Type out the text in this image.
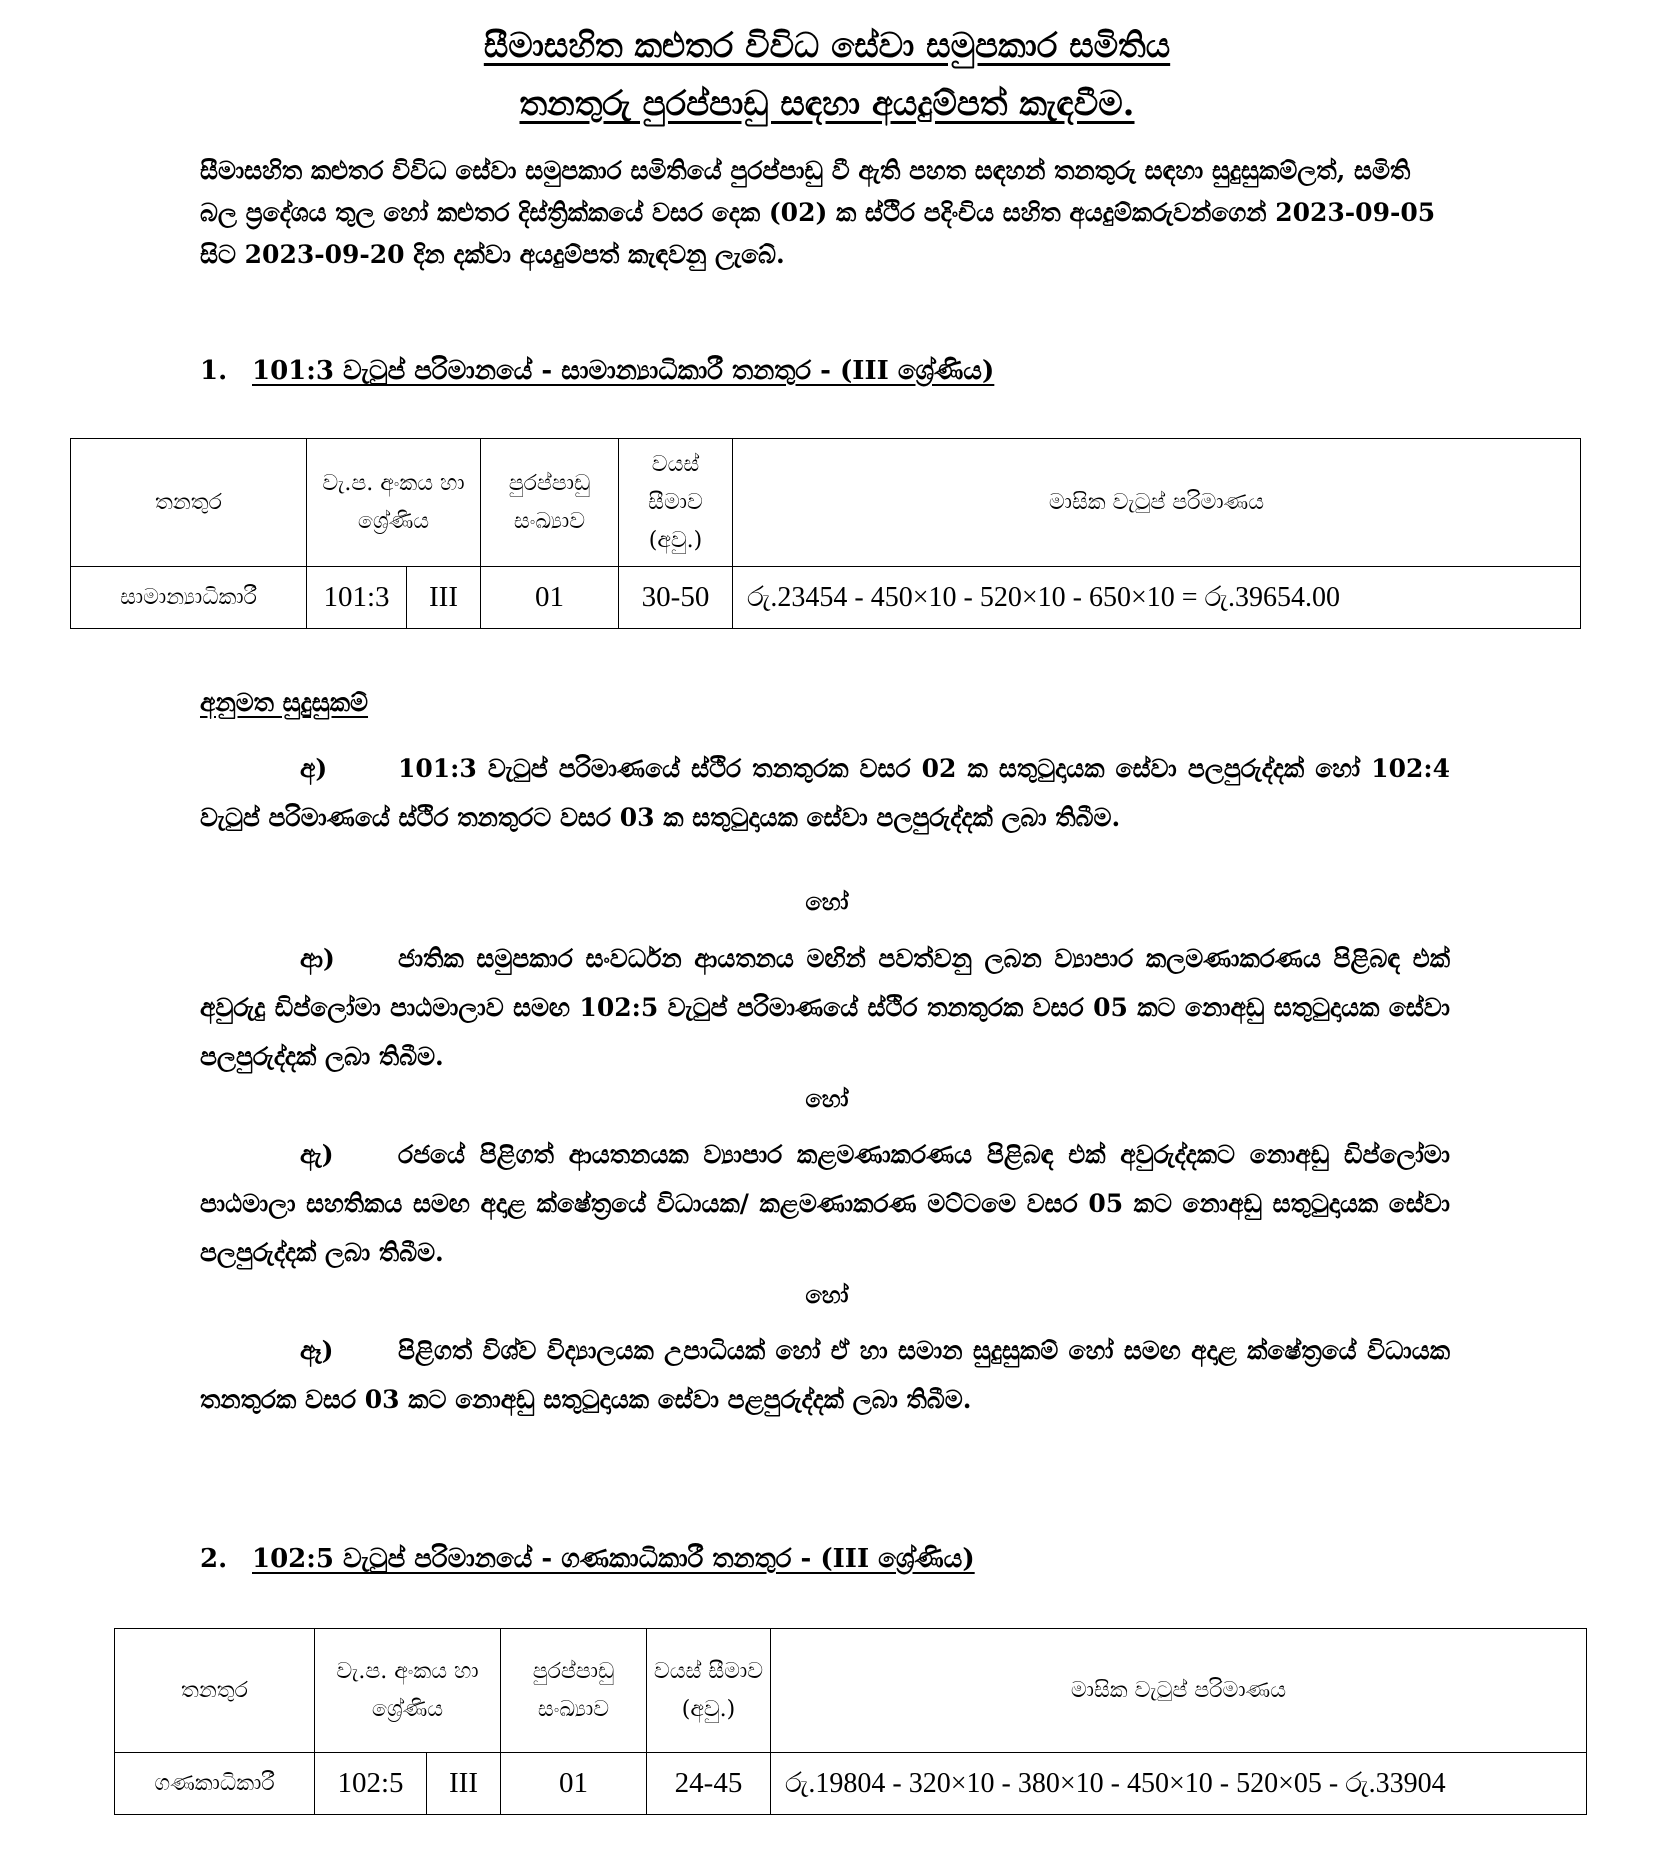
සීමාසහිත කළුතර විවිධ සේවා සමුපකාර සමිතිය
තනතුරු පුරප්පාඩු සඳහා අයදුම්පත් කැඳවීම.
සීමාසහිත කළුතර විවිධ සේවා සමුපකාර සමිතියේ පුරප්පාඩු වී ඇති පහත සඳහන් තනතුරු සඳහා සුදුසුකම්ලත්, සමිති බල ප්‍රදේශය තුල හෝ කළුතර දිස්ත්‍රික්කයේ වසර දෙක (02) ක ස්ථිර පදිංචිය සහිත අයදුම්කරුවන්ගෙන් 2023-09-05 සිට 2023-09-20 දින දක්වා අයදුම්පත් කැඳවනු ලැබේ.
1. 101:3 වැටුප් පරිමානයේ - සාමාන්‍යාධිකාරී තනතුර - (III ශ්‍රේණිය)
තනතුර	වැ.ප. අංකය හා ශ්‍රේණිය		පුරප්පාඩු සංඛ්‍යාව	වයස් සීමාව (අවු.)	මාසික වැටුප් පරිමාණය
සාමාන්‍යාධිකාරී	101:3	III	01	30-50	රු.23454 - 450×10 - 520×10 - 650×10 = රු.39654.00
අනුමත සුදුසුකම්
අ)	101:3 වැටුප් පරිමාණයේ ස්ථිර තනතුරක වසර 02 ක සතුටුදායක සේවා පලපුරුද්දක් හෝ 102:4 වැටුප් පරිමාණයේ ස්ථිර තනතුරට වසර 03 ක සතුටුදායක සේවා පලපුරුද්දක් ලබා තිබීම.
හෝ
ආ)	ජාතික සමුපකාර සංවර්ධන ආයතනය මඟින් පවත්වනු ලබන ව්‍යාපාර කලමණාකරණය පිළිබඳ එක් අවුරුදු ඩිප්ලෝමා පාඨමාලාව සමඟ 102:5 වැටුප් පරිමාණයේ ස්ථිර තනතුරක වසර 05 කට නොඅඩු සතුටුදායක සේවා පලපුරුද්දක් ලබා තිබීම.
හෝ
ඇ)	රජයේ පිළිගත් ආයතනයක ව්‍යාපාර කළමණාකරණය පිළිබඳ එක් අවුරුද්දකට නොඅඩු ඩිප්ලෝමා පාඨමාලා සහතිකය සමඟ අදාළ ක්ෂේත්‍රයේ විධායක/ කළමණාකරණ මට්ටමෙ වසර 05 කට නොඅඩු සතුටුදායක සේවා පලපුරුද්දක් ලබා තිබීම.
හෝ
ඈ)	පිළිගත් විශ්ව විද්‍යාලයක උපාධියක් හෝ ඒ හා සමාන සුදුසුකම් හෝ සමඟ අදාළ ක්ෂේත්‍රයේ විධායක තනතුරක වසර 03 කට නොඅඩු සතුටුදායක සේවා පළපුරුද්දක් ලබා තිබීම.
2. 102:5 වැටුප් පරිමානයේ - ගණකාධිකාරී තනතුර - (III ශ්‍රේණිය)
තනතුර	වැ.ප. අංකය හා ශ්‍රේණිය		පුරප්පාඩු සංඛ්‍යාව	වයස් සීමාව (අවු.)	මාසික වැටුප් පරිමාණය
ගණකාධිකාරී	102:5	III	01	24-45	රු.19804 - 320×10 - 380×10 - 450×10 - 520×05 - රු.33904
